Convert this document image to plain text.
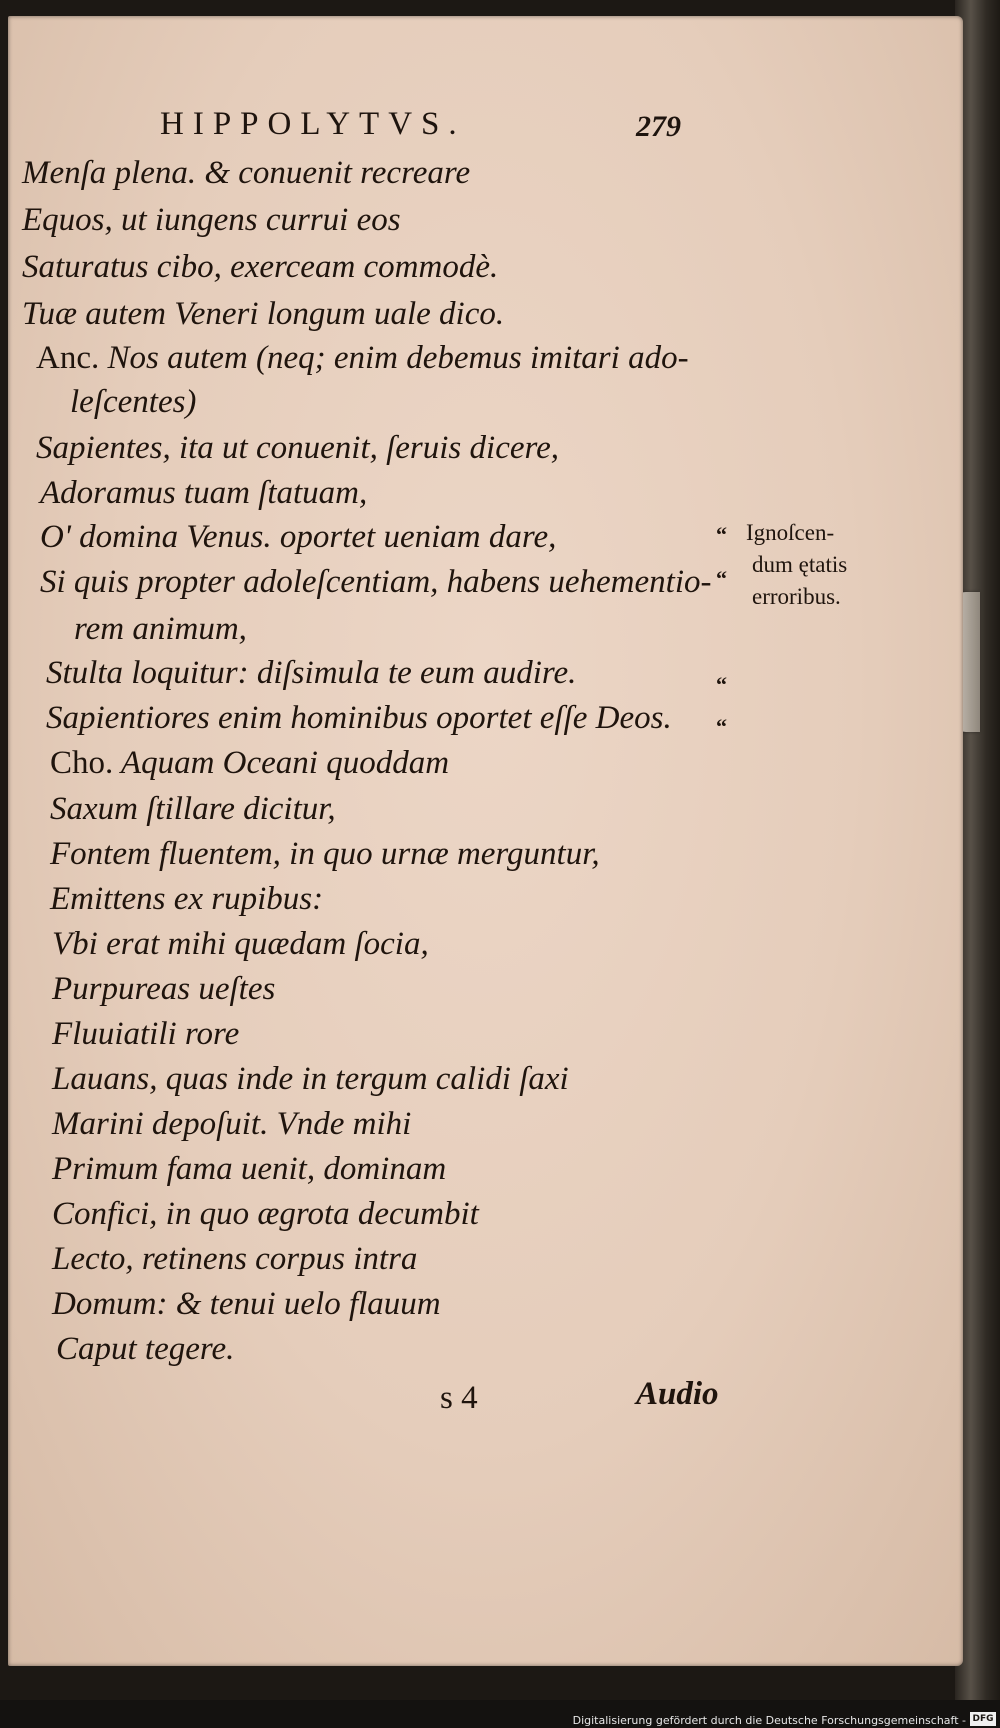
HIPPOLYTVS.	279
Menſa plena. & conuenit recreare
Equos, ut iungens currui eos
Saturatus cibo, exerceam commodè.
Tuæ autem Veneri longum uale dico.
Anc. Nos autem (neq; enim debemus imitari ado-
leſcentes)
Sapientes, ita ut conuenit, ſeruis dicere,
Adoramus tuam ſtatuam,
O' domina Venus. oportet ueniam dare,
Si quis propter adoleſcentiam, habens uehementio-
rem animum,
Stulta loquitur: diſsimula te eum audire.
Sapientiores enim hominibus oportet eſſe Deos.
Cho. Aquam Oceani quoddam
Saxum ſtillare dicitur,
Fontem fluentem, in quo urnæ merguntur,
Emittens ex rupibus:
Vbi erat mihi quædam ſocia,
Purpureas ueſtes
Fluuiatili rore
Lauans, quas inde in tergum calidi ſaxi
Marini depoſuit. Vnde mihi
Primum fama uenit, dominam
Confici, in quo ægrota decumbit
Lecto, retinens corpus intra
Domum: & tenui uelo flauum
Caput tegere.
“
“
“
“
Ignoſcen-
dum ętatis
erroribus.
s 4	Audio
Digitalisierung gefördert durch die Deutsche Forschungsgemeinschaft - DFG
